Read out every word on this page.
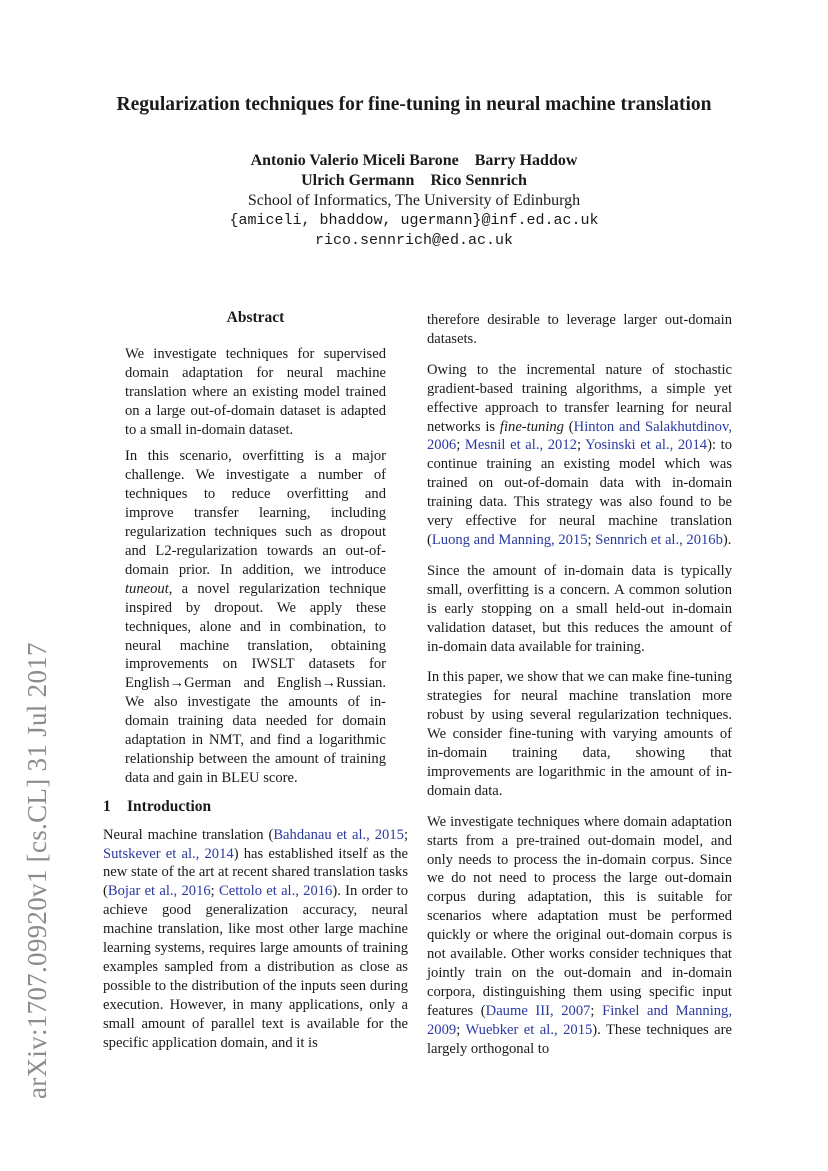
arXiv:1707.09920v1 [cs.CL] 31 Jul 2017
Regularization techniques for fine-tuning in neural machine translation
Antonio Valerio Miceli Barone Barry Haddow
Ulrich Germann Rico Sennrich
School of Informatics, The University of Edinburgh
{amiceli, bhaddow, ugermann}@inf.ed.ac.uk
rico.sennrich@ed.ac.uk
Abstract

We investigate techniques for supervised domain adaptation for neural machine translation where an existing model trained on a large out-of-domain dataset is adapted to a small in-domain dataset.

In this scenario, overfitting is a major challenge. We investigate a number of techniques to reduce overfitting and improve transfer learning, including regularization techniques such as dropout and L2-regularization towards an out-of-domain prior. In addition, we introduce tuneout, a novel regularization technique inspired by dropout. We apply these techniques, alone and in combination, to neural machine translation, obtaining improvements on IWSLT datasets for English→German and English→Russian. We also investigate the amounts of in-domain training data needed for domain adaptation in NMT, and find a logarithmic relationship between the amount of training data and gain in BLEU score.

1 Introduction

Neural machine translation (Bahdanau et al., 2015; Sutskever et al., 2014) has established itself as the new state of the art at recent shared translation tasks (Bojar et al., 2016; Cettolo et al., 2016). In order to achieve good generalization accuracy, neural machine translation, like most other large machine learning systems, requires large amounts of training examples sampled from a distribution as close as possible to the distribution of the inputs seen during execution. However, in many applications, only a small amount of parallel text is available for the specific application domain, and it is

therefore desirable to leverage larger out-domain datasets.

Owing to the incremental nature of stochastic gradient-based training algorithms, a simple yet effective approach to transfer learning for neural networks is fine-tuning (Hinton and Salakhutdinov, 2006; Mesnil et al., 2012; Yosinski et al., 2014): to continue training an existing model which was trained on out-of-domain data with in-domain training data. This strategy was also found to be very effective for neural machine translation (Luong and Manning, 2015; Sennrich et al., 2016b).

Since the amount of in-domain data is typically small, overfitting is a concern. A common solution is early stopping on a small held-out in-domain validation dataset, but this reduces the amount of in-domain data available for training.

In this paper, we show that we can make fine-tuning strategies for neural machine translation more robust by using several regularization techniques. We consider fine-tuning with varying amounts of in-domain training data, showing that improvements are logarithmic in the amount of in-domain data.

We investigate techniques where domain adaptation starts from a pre-trained out-domain model, and only needs to process the in-domain corpus. Since we do not need to process the large out-domain corpus during adaptation, this is suitable for scenarios where adaptation must be performed quickly or where the original out-domain corpus is not available. Other works consider techniques that jointly train on the out-domain and in-domain corpora, distinguishing them using specific input features (Daume III, 2007; Finkel and Manning, 2009; Wuebker et al., 2015). These techniques are largely orthogonal to
